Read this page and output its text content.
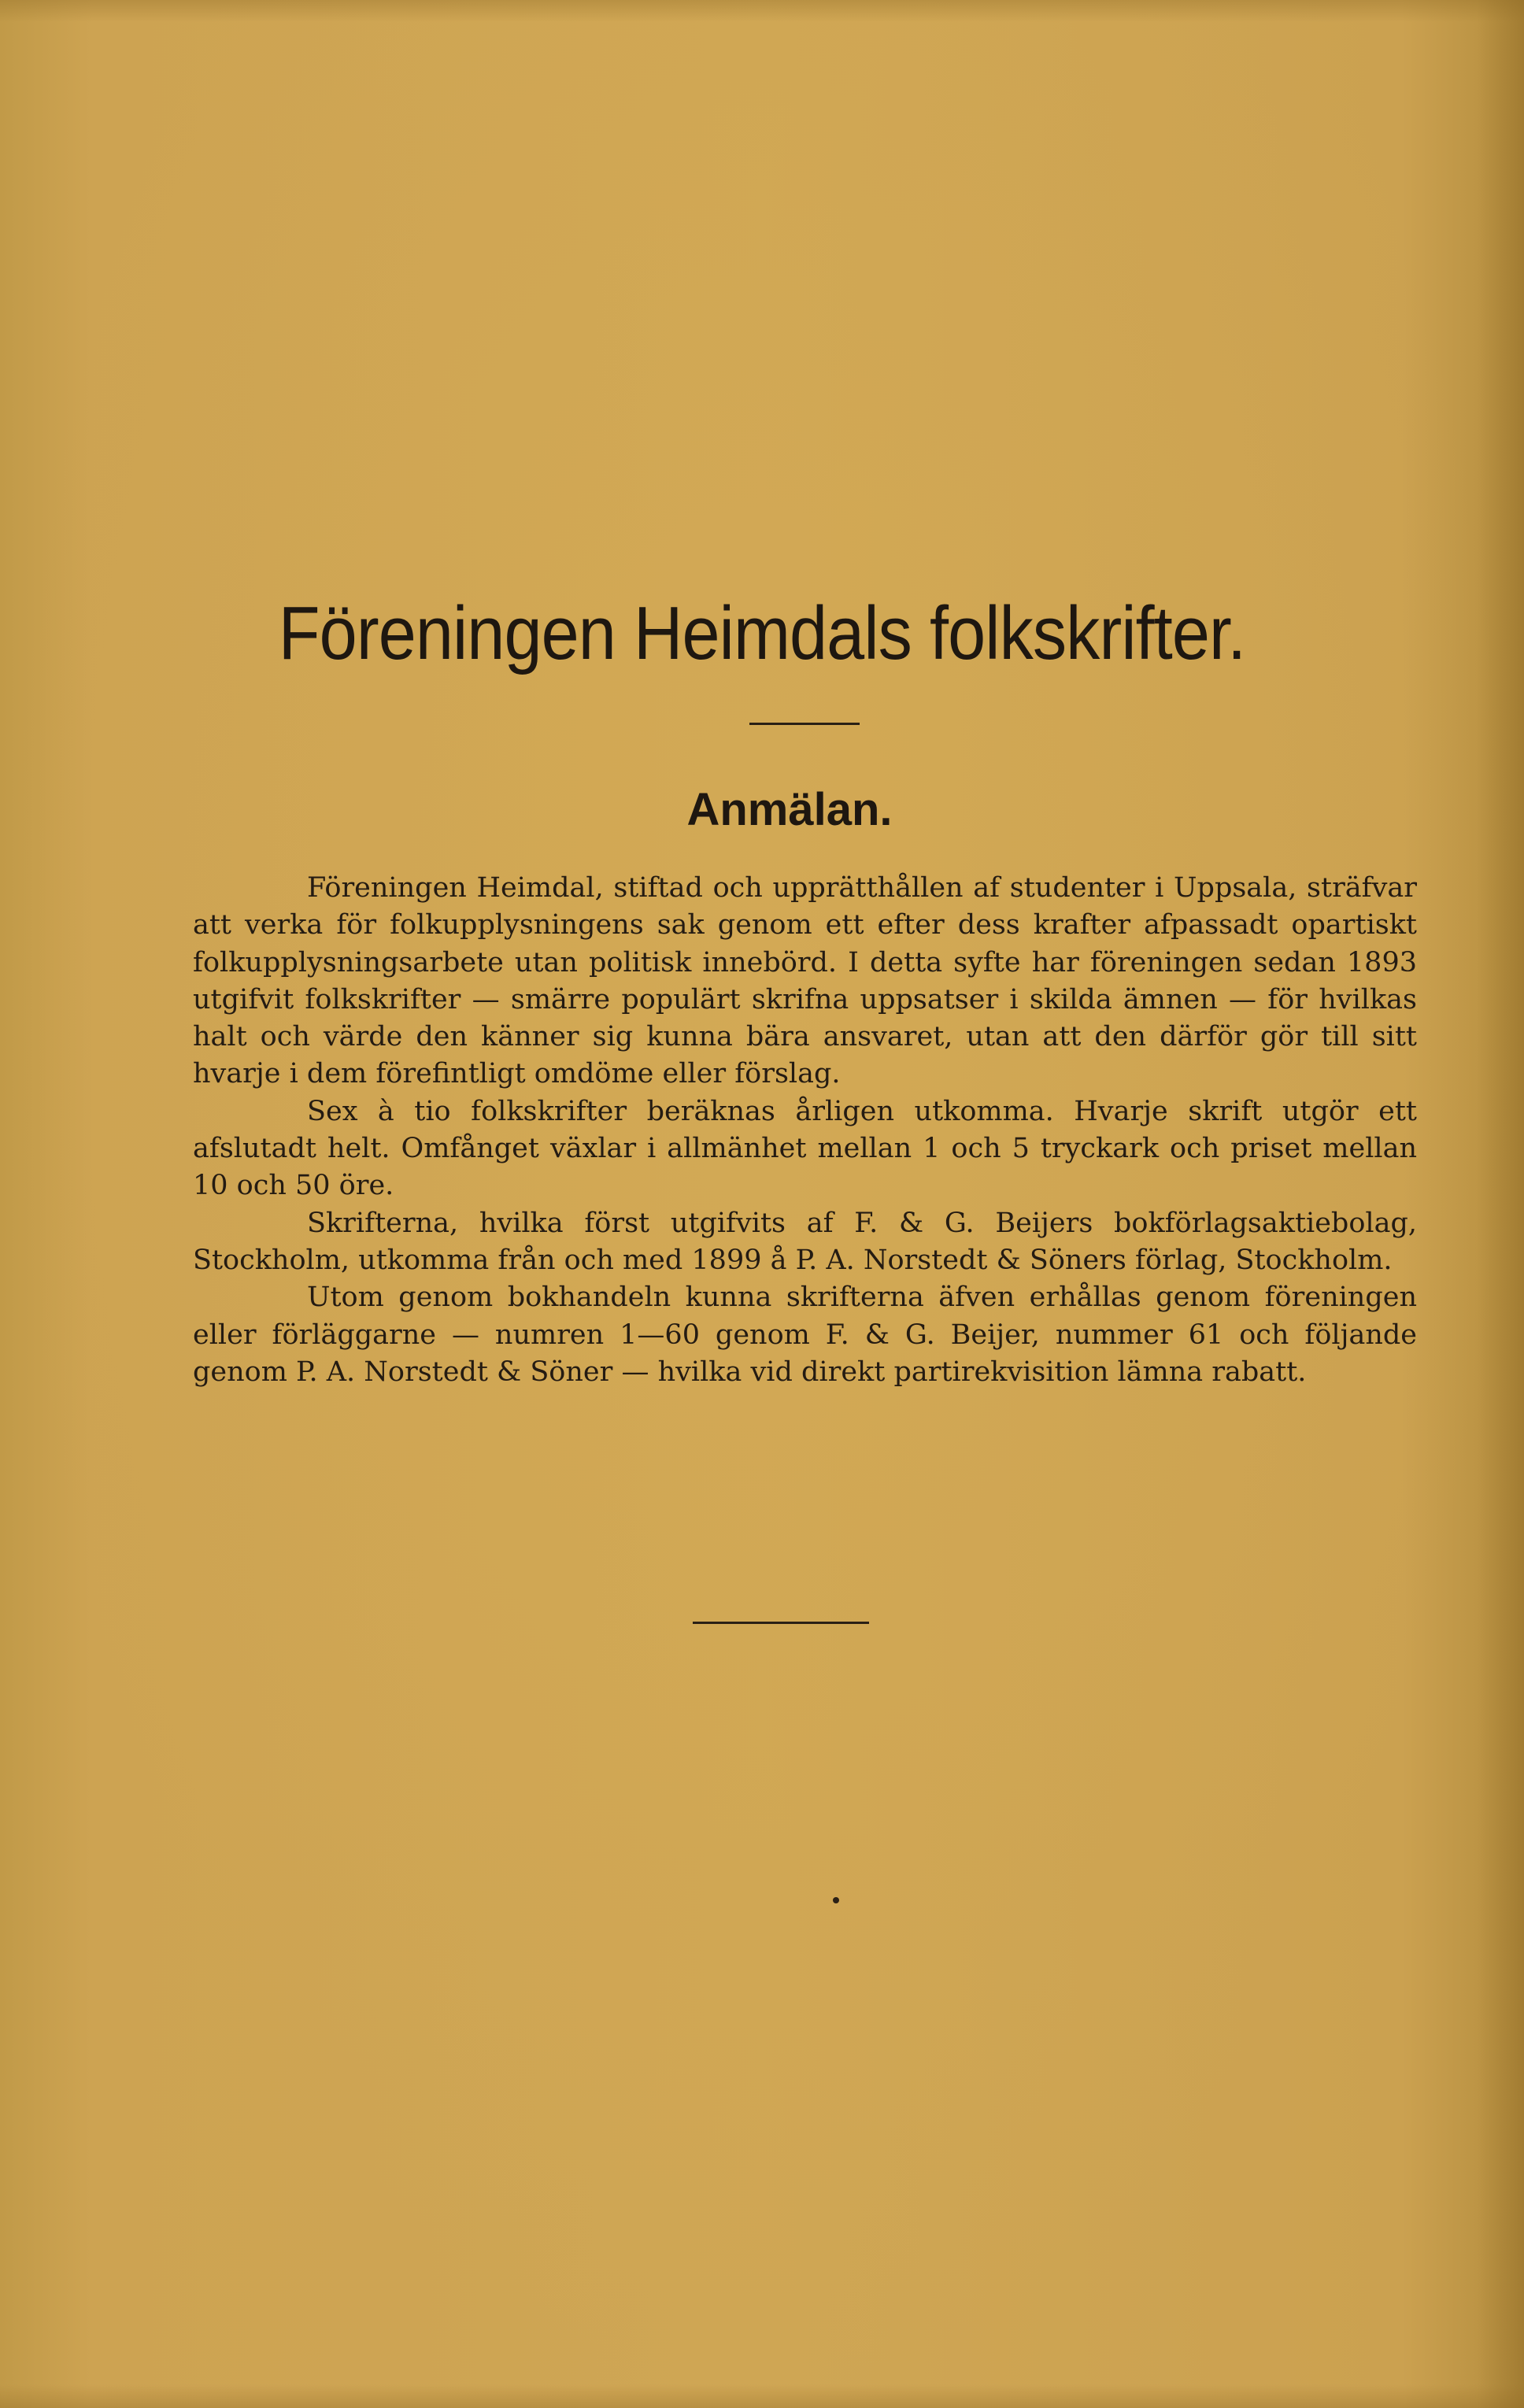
Föreningen Heimdals folkskrifter.
Anmälan.

Föreningen Heimdal, stiftad och upprätthållen af studenter i Uppsala, sträfvar att verka för folkupplysningens sak genom ett efter dess krafter afpassadt opartiskt folkupplysningsarbete utan politisk innebörd. I detta syfte har föreningen sedan 1893 utgifvit folkskrifter — smärre populärt skrifna uppsatser i skilda ämnen — för hvilkas halt och värde den känner sig kunna bära ansvaret, utan att den därför gör till sitt hvarje i dem förefintligt omdöme eller förslag.

Sex à tio folkskrifter beräknas årligen utkomma. Hvarje skrift utgör ett afslutadt helt. Omfånget växlar i allmänhet mellan 1 och 5 tryckark och priset mellan 10 och 50 öre.

Skrifterna, hvilka först utgifvits af F. & G. Beijers bokförlagsaktiebolag, Stockholm, utkomma från och med 1899 å P. A. Norstedt & Söners förlag, Stockholm.

Utom genom bokhandeln kunna skrifterna äfven erhållas genom föreningen eller förläggarne — numren 1—60 genom F. & G. Beijer, nummer 61 och följande genom P. A. Norstedt & Söner — hvilka vid direkt partirekvisition lämna rabatt.
